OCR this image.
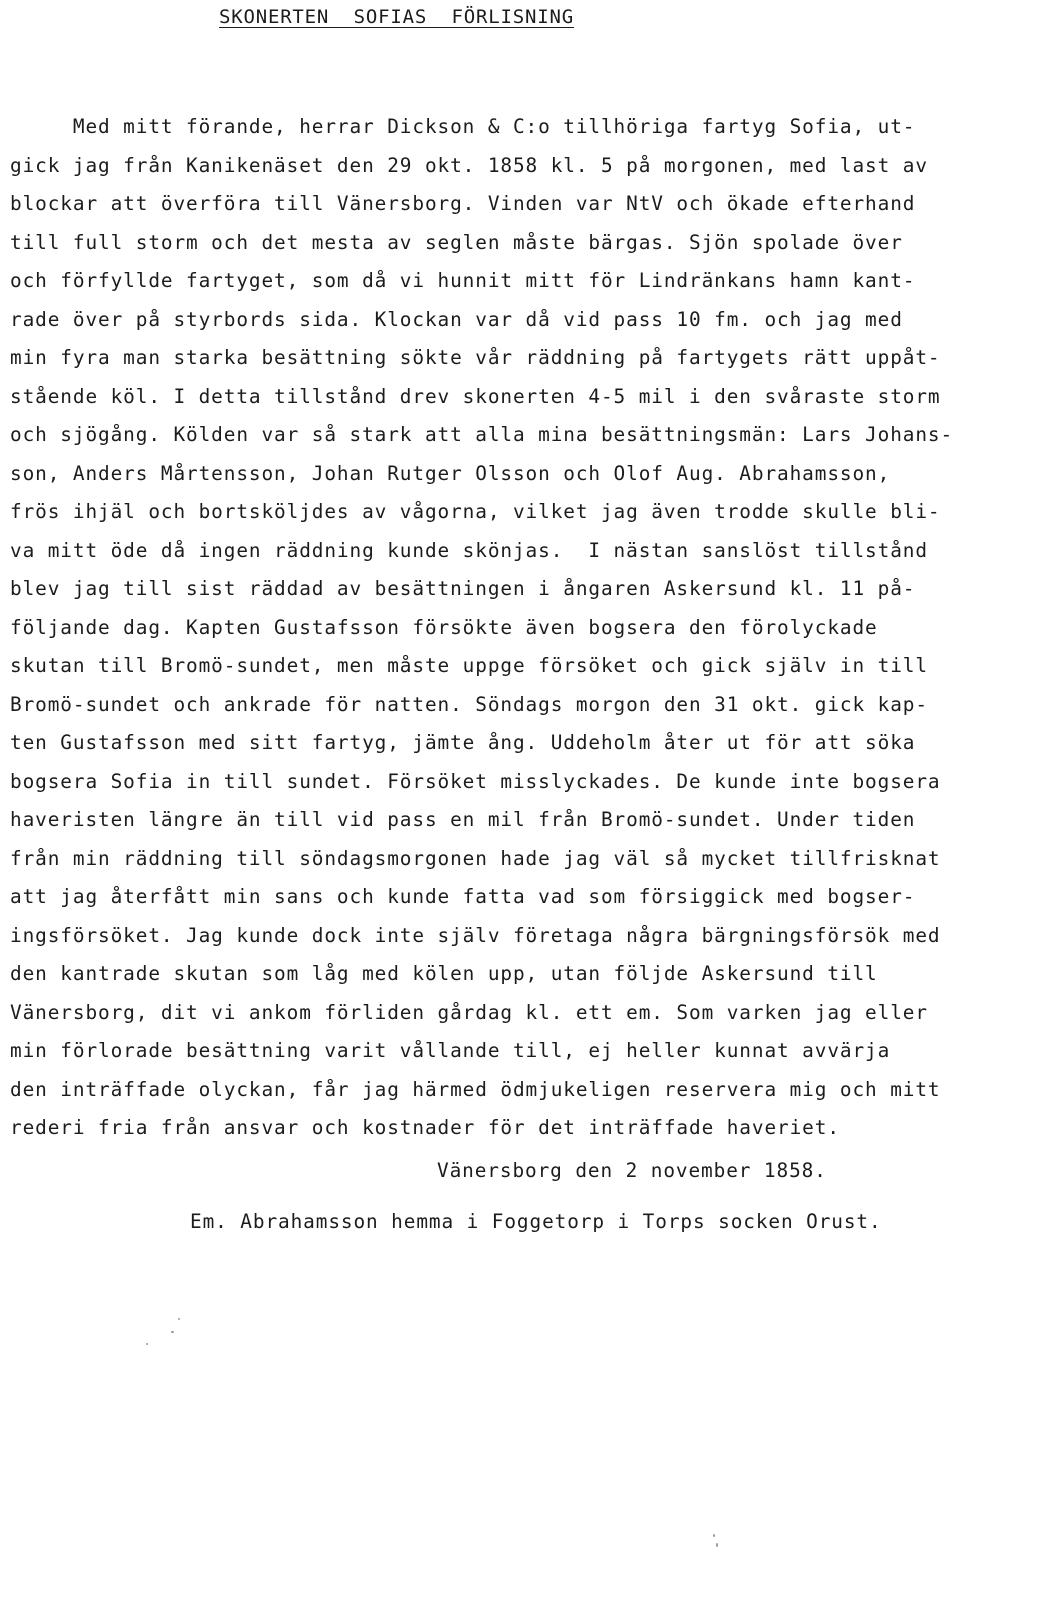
SKONERTEN  SOFIAS  FÖRLISNING
Med mitt förande, herrar Dickson & C:o tillhöriga fartyg Sofia, ut-
gick jag från Kanikenäset den 29 okt. 1858 kl. 5 på morgonen, med last av
blockar att överföra till Vänersborg. Vinden var NtV och ökade efterhand
till full storm och det mesta av seglen måste bärgas. Sjön spolade över
och förfyllde fartyget, som då vi hunnit mitt för Lindränkans hamn kant-
rade över på styrbords sida. Klockan var då vid pass 10 fm. och jag med
min fyra man starka besättning sökte vår räddning på fartygets rätt uppåt-
stående köl. I detta tillstånd drev skonerten 4-5 mil i den svåraste storm
och sjögång. Kölden var så stark att alla mina besättningsmän: Lars Johans-
son, Anders Mårtensson, Johan Rutger Olsson och Olof Aug. Abrahamsson,
frös ihjäl och bortsköljdes av vågorna, vilket jag även trodde skulle bli-
va mitt öde då ingen räddning kunde skönjas.  I nästan sanslöst tillstånd
blev jag till sist räddad av besättningen i ångaren Askersund kl. 11 på-
följande dag. Kapten Gustafsson försökte även bogsera den förolyckade
skutan till Bromö-sundet, men måste uppge försöket och gick själv in till
Bromö-sundet och ankrade för natten. Söndags morgon den 31 okt. gick kap-
ten Gustafsson med sitt fartyg, jämte ång. Uddeholm åter ut för att söka
bogsera Sofia in till sundet. Försöket misslyckades. De kunde inte bogsera
haveristen längre än till vid pass en mil från Bromö-sundet. Under tiden
från min räddning till söndagsmorgonen hade jag väl så mycket tillfrisknat
att jag återfått min sans och kunde fatta vad som försiggick med bogser-
ingsförsöket. Jag kunde dock inte själv företaga några bärgningsförsök med
den kantrade skutan som låg med kölen upp, utan följde Askersund till
Vänersborg, dit vi ankom förliden gårdag kl. ett em. Som varken jag eller
min förlorade besättning varit vållande till, ej heller kunnat avvärja
den inträffade olyckan, får jag härmed ödmjukeligen reservera mig och mitt
rederi fria från ansvar och kostnader för det inträffade haveriet.

Vänersborg den 2 november 1858.

Em. Abrahamsson hemma i Foggetorp i Torps socken Orust.
